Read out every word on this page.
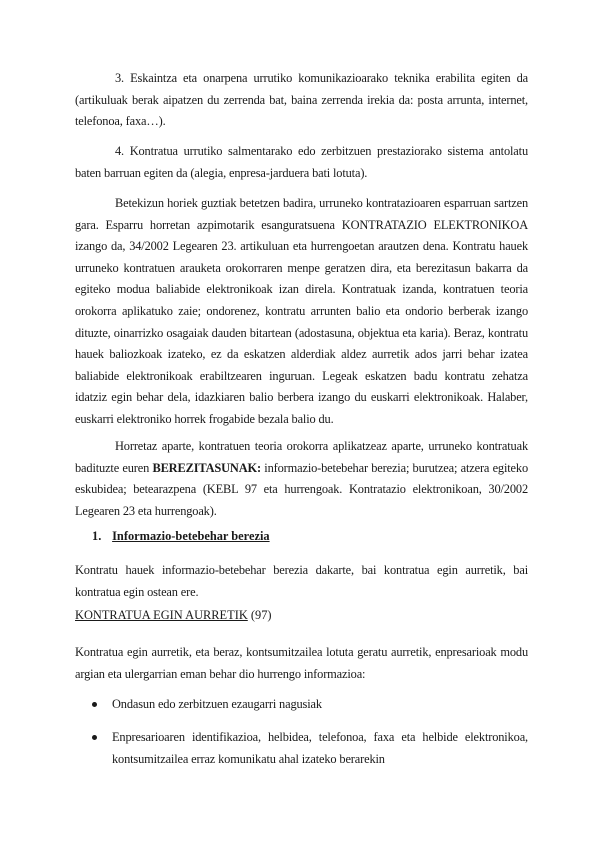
3. Eskaintza eta onarpena urrutiko komunikazioarako teknika erabilita egiten da (artikuluak berak aipatzen du zerrenda bat, baina zerrenda irekia da: posta arrunta, internet, telefonoa, faxa…).

4. Kontratua urrutiko salmentarako edo zerbitzuen prestaziorako sistema antolatu baten barruan egiten da (alegia, enpresa-jarduera bati lotuta).

Betekizun horiek guztiak betetzen badira, urruneko kontratazioaren esparruan sartzen gara. Esparru horretan azpimotarik esanguratsuena KONTRATAZIO ELEKTRONIKOA izango da, 34/2002 Legearen 23. artikuluan eta hurrengoetan arautzen dena. Kontratu hauek urruneko kontratuen arauketa orokorraren menpe geratzen dira, eta berezitasun bakarra da egiteko modua baliabide elektronikoak izan direla. Kontratuak izanda, kontratuen teoria orokorra aplikatuko zaie; ondorenez, kontratu arrunten balio eta ondorio berberak izango dituzte, oinarrizko osagaiak dauden bitartean (adostasuna, objektua eta karia). Beraz, kontratu hauek baliozkoak izateko, ez da eskatzen alderdiak aldez aurretik ados jarri behar izatea baliabide elektronikoak erabiltzearen inguruan. Legeak eskatzen badu kontratu zehatza idatziz egin behar dela, idazkiaren balio berbera izango du euskarri elektronikoak. Halaber, euskarri elektroniko horrek frogabide bezala balio du.

Horretaz aparte, kontratuen teoria orokorra aplikatzeaz aparte, urruneko kontratuak badituzte euren BEREZITASUNAK: informazio-betebehar berezia; burutzea; atzera egiteko eskubidea; betearazpena (KEBL 97 eta hurrengoak. Kontratazio elektronikoan, 30/2002 Legearen 23 eta hurrengoak).

1. Informazio-betebehar berezia

Kontratu hauek informazio-betebehar berezia dakarte, bai kontratua egin aurretik, bai kontratua egin ostean ere.

KONTRATUA EGIN AURRETIK (97)

Kontratua egin aurretik, eta beraz, kontsumitzailea lotuta geratu aurretik, enpresarioak modu argian eta ulergarrian eman behar dio hurrengo informazioa:

Ondasun edo zerbitzuen ezaugarri nagusiak
Enpresarioaren identifikazioa, helbidea, telefonoa, faxa eta helbide elektronikoa, kontsumitzailea erraz komunikatu ahal izateko berarekin
